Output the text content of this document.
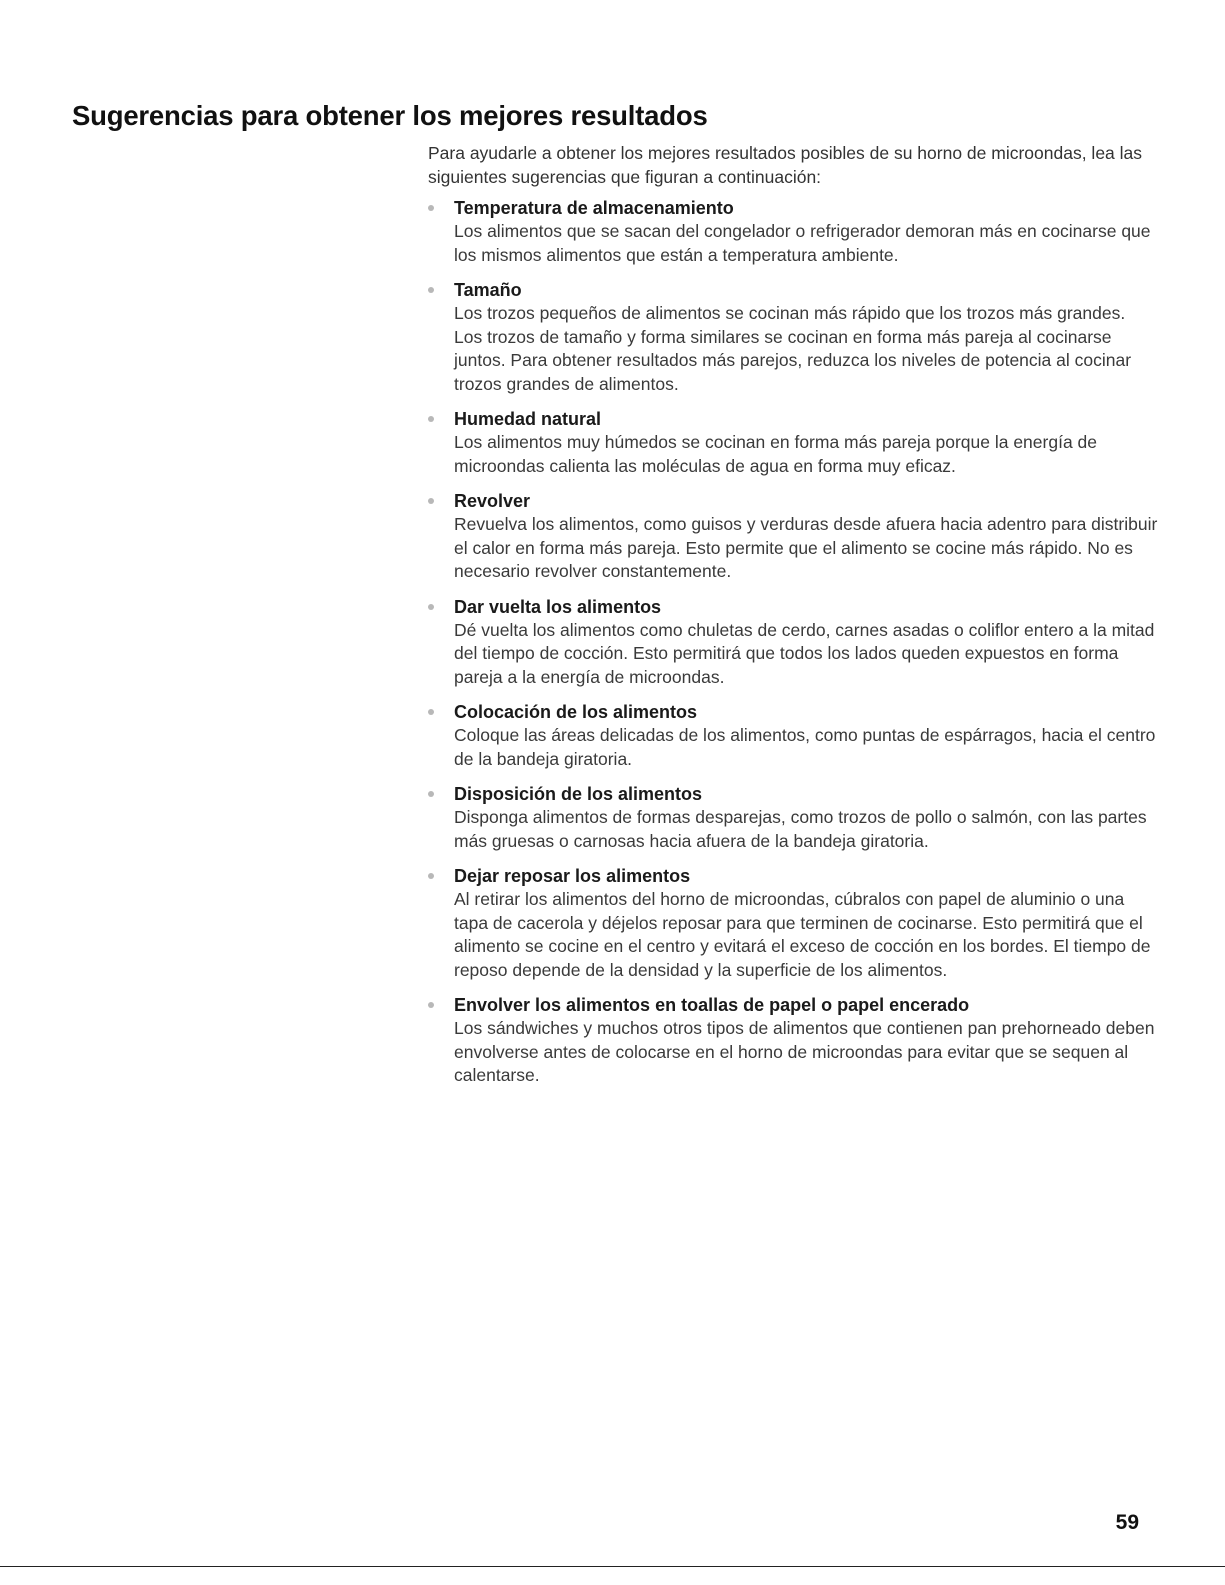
Sugerencias para obtener los mejores resultados

Para ayudarle a obtener los mejores resultados posibles de su horno de microondas, lea las siguientes sugerencias que figuran a continuación:

Temperatura de almacenamiento
Los alimentos que se sacan del congelador o refrigerador demoran más en cocinarse que los mismos alimentos que están a temperatura ambiente.
Tamaño
Los trozos pequeños de alimentos se cocinan más rápido que los trozos más grandes. Los trozos de tamaño y forma similares se cocinan en forma más pareja al cocinarse juntos. Para obtener resultados más parejos, reduzca los niveles de potencia al cocinar trozos grandes de alimentos.
Humedad natural
Los alimentos muy húmedos se cocinan en forma más pareja porque la energía de microondas calienta las moléculas de agua en forma muy eficaz.
Revolver
Revuelva los alimentos, como guisos y verduras desde afuera hacia adentro para distribuir el calor en forma más pareja. Esto permite que el alimento se cocine más rápido. No es necesario revolver constantemente.
Dar vuelta los alimentos
Dé vuelta los alimentos como chuletas de cerdo, carnes asadas o coliflor entero a la mitad del tiempo de cocción. Esto permitirá que todos los lados queden expuestos en forma pareja a la energía de microondas.
Colocación de los alimentos
Coloque las áreas delicadas de los alimentos, como puntas de espárragos, hacia el centro de la bandeja giratoria.
Disposición de los alimentos
Disponga alimentos de formas desparejas, como trozos de pollo o salmón, con las partes más gruesas o carnosas hacia afuera de la bandeja giratoria.
Dejar reposar los alimentos
Al retirar los alimentos del horno de microondas, cúbralos con papel de aluminio o una tapa de cacerola y déjelos reposar para que terminen de cocinarse. Esto permitirá que el alimento se cocine en el centro y evitará el exceso de cocción en los bordes. El tiempo de reposo depende de la densidad y la superficie de los alimentos.
Envolver los alimentos en toallas de papel o papel encerado
Los sándwiches y muchos otros tipos de alimentos que contienen pan prehorneado deben envolverse antes de colocarse en el horno de microondas para evitar que se sequen al calentarse.
59
